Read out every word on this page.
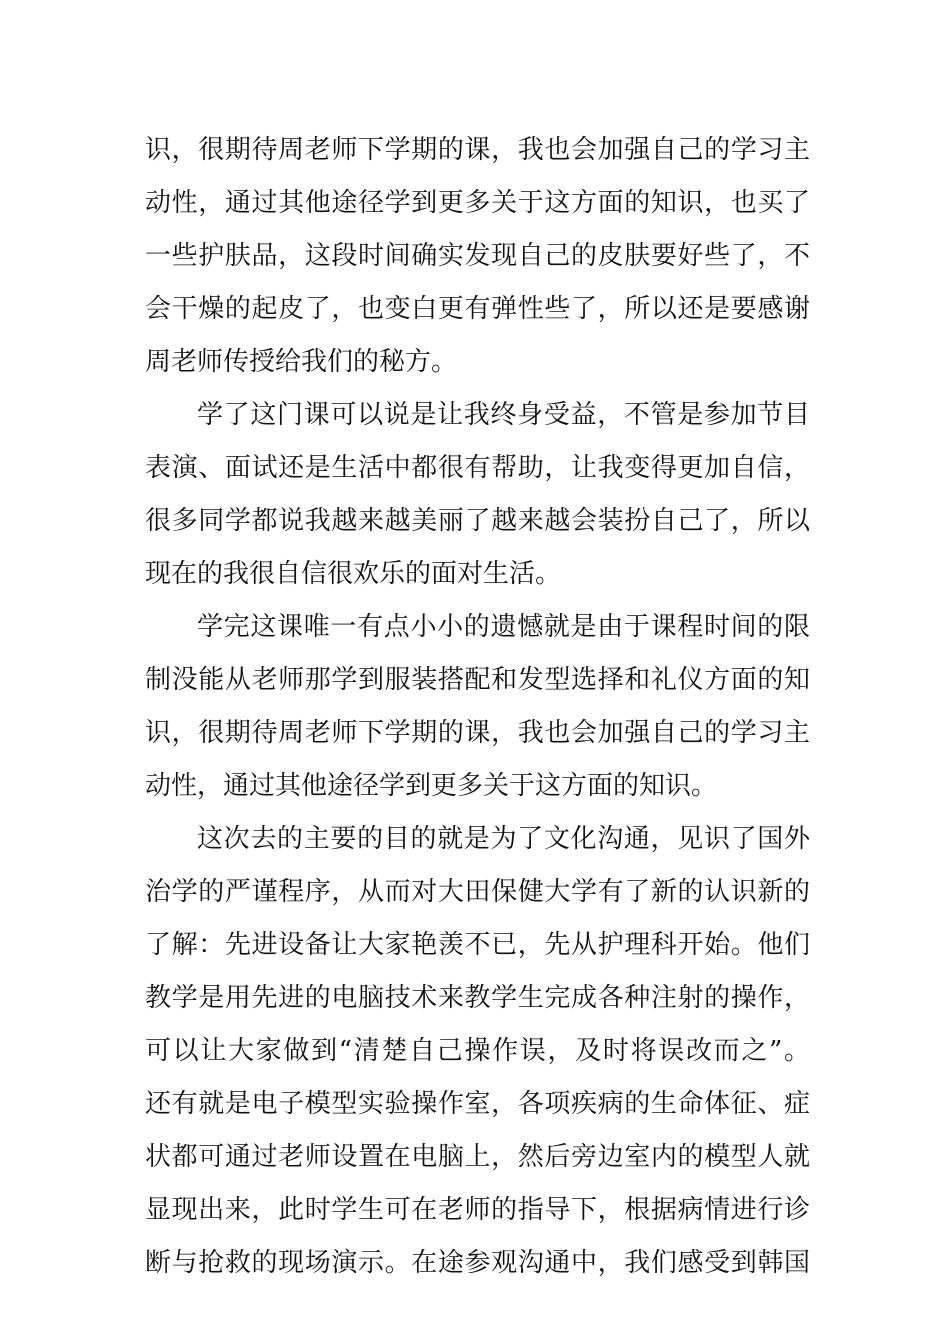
识，很期待周老师下学期的课，我也会加强自己的学习主
动性，通过其他途径学到更多关于这方面的知识，也买了
一些护肤品，这段时间确实发现自己的皮肤要好些了，不
会干燥的起皮了，也变白更有弹性些了，所以还是要感谢
周老师传授给我们的秘方。
学了这门课可以说是让我终身受益，不管是参加节目
表演、面试还是生活中都很有帮助，让我变得更加自信，
很多同学都说我越来越美丽了越来越会装扮自己了，所以
现在的我很自信很欢乐的面对生活。
学完这课唯一有点小小的遗憾就是由于课程时间的限
制没能从老师那学到服装搭配和发型选择和礼仪方面的知
识，很期待周老师下学期的课，我也会加强自己的学习主
动性，通过其他途径学到更多关于这方面的知识。
这次去的主要的目的就是为了文化沟通，见识了国外
治学的严谨程序，从而对大田保健大学有了新的认识新的
了解：先进设备让大家艳羡不已，先从护理科开始。他们
教学是用先进的电脑技术来教学生完成各种注射的操作，
可以让大家做到“清楚自己操作误，及时将误改而之”。
还有就是电子模型实验操作室，各项疾病的生命体征、症
状都可通过老师设置在电脑上，然后旁边室内的模型人就
显现出来，此时学生可在老师的指导下，根据病情进行诊
断与抢救的现场演示。在途参观沟通中，我们感受到韩国
